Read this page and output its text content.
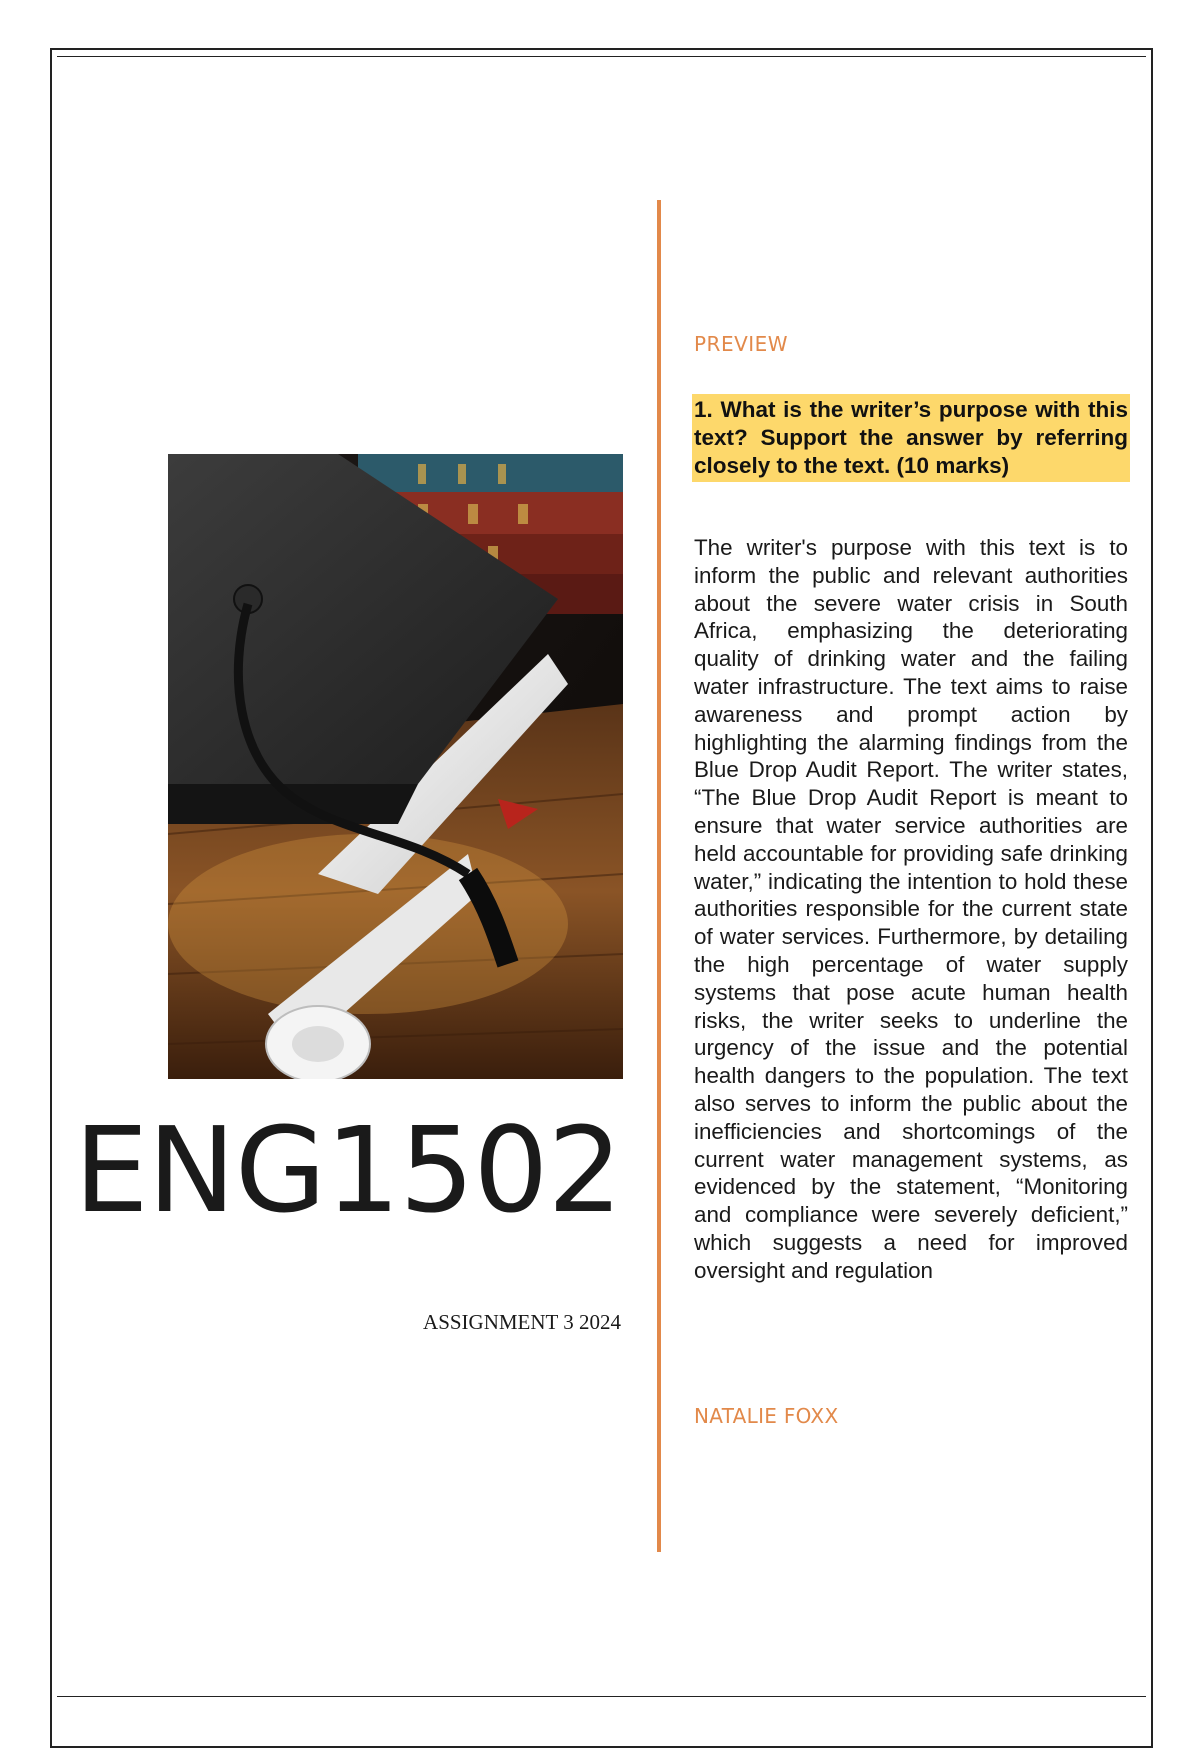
ENG1502
ASSIGNMENT 3 2024
PREVIEW
1. What is the writer’s purpose with this text? Support the answer by referring closely to the text. (10 marks)

The writer's purpose with this text is to inform the public and relevant authorities about the severe water crisis in South Africa, emphasizing the deteriorating quality of drinking water and the failing water infrastructure. The text aims to raise awareness and prompt action by highlighting the alarming findings from the Blue Drop Audit Report. The writer states, “The Blue Drop Audit Report is meant to ensure that water service authorities are held accountable for providing safe drinking water,” indicating the intention to hold these authorities responsible for the current state of water services. Furthermore, by detailing the high percentage of water supply systems that pose acute human health risks, the writer seeks to underline the urgency of the issue and the potential health dangers to the population. The text also serves to inform the public about the inefficiencies and shortcomings of the current water management systems, as evidenced by the statement, “Monitoring and compliance were severely deficient,” which suggests a need for improved oversight and regulation

NATALIE FOXX
